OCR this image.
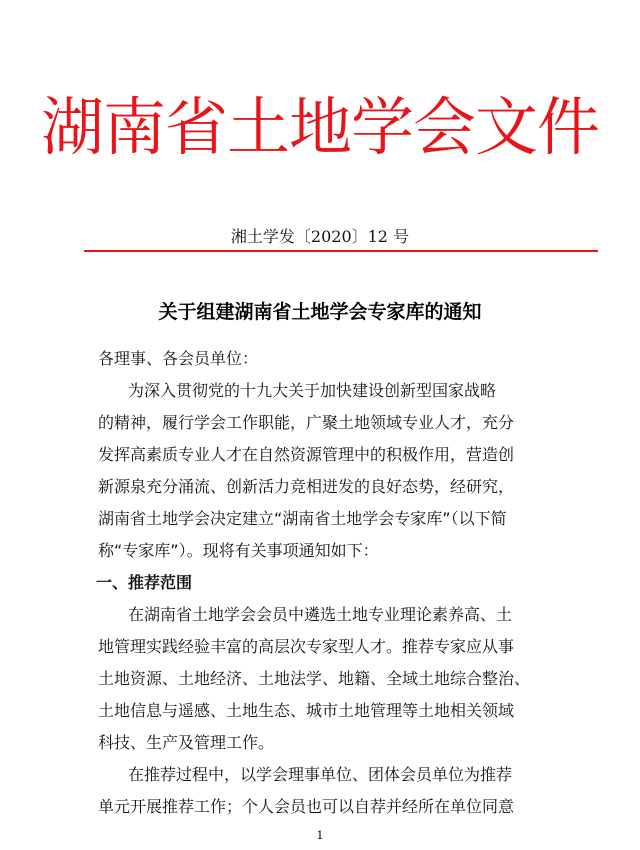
湖南省土地学会文件
湘土学发〔2020〕12 号
关于组建湖南省土地学会专家库的通知
各理事、各会员单位：
为深入贯彻党的十九大关于加快建设创新型国家战略
的精神，履行学会工作职能，广聚土地领域专业人才，充分
发挥高素质专业人才在自然资源管理中的积极作用，营造创
新源泉充分涌流、创新活力竞相迸发的良好态势，经研究，
湖南省土地学会决定建立“湖南省土地学会专家库”（以下简
称“专家库”）。现将有关事项通知如下：
一、推荐范围
在湖南省土地学会会员中遴选土地专业理论素养高、土
地管理实践经验丰富的高层次专家型人才。推荐专家应从事
土地资源、土地经济、土地法学、地籍、全域土地综合整治、
土地信息与遥感、土地生态、城市土地管理等土地相关领域
科技、生产及管理工作。
在推荐过程中，以学会理事单位、团体会员单位为推荐
单元开展推荐工作；个人会员也可以自荐并经所在单位同意
1
